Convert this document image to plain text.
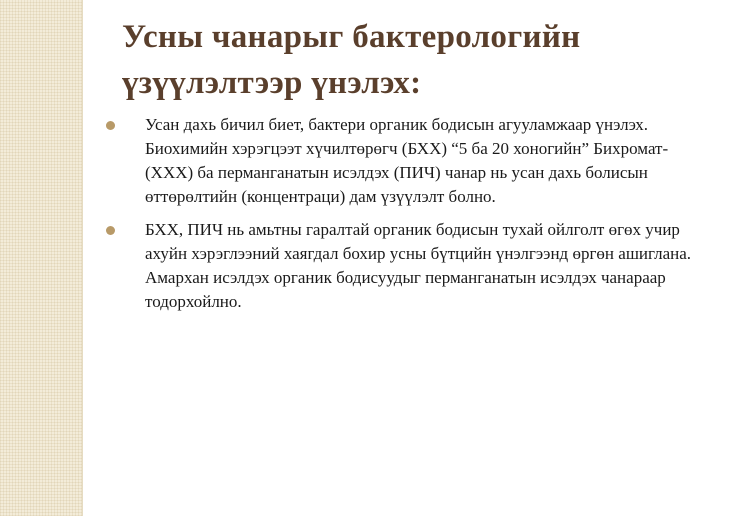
Усны чанарыг бактерологийн үзүүлэлтээр үнэлэх:
Усан дахь бичил биет, бактери органик бодисын агууламжаар үнэлэх. Биохимийн хэрэгцээт хүчилтөрөгч (БХХ) “5 ба 20 хоногийн” Бихромат-(ХХХ) ба перманганатын исэлдэх (ПИЧ) чанар нь усан дахь болисын өттөрөлтийн (концентраци) дам үзүүлэлт болно.
БХХ, ПИЧ нь амьтны гаралтай органик бодисын тухай ойлголт өгөх учир ахуйн хэрэглээний хаягдал бохир усны бүтцийн үнэлгээнд өргөн ашиглана. Амархан исэлдэх органик бодисуудыг перманганатын исэлдэх чанараар тодорхойлно.
